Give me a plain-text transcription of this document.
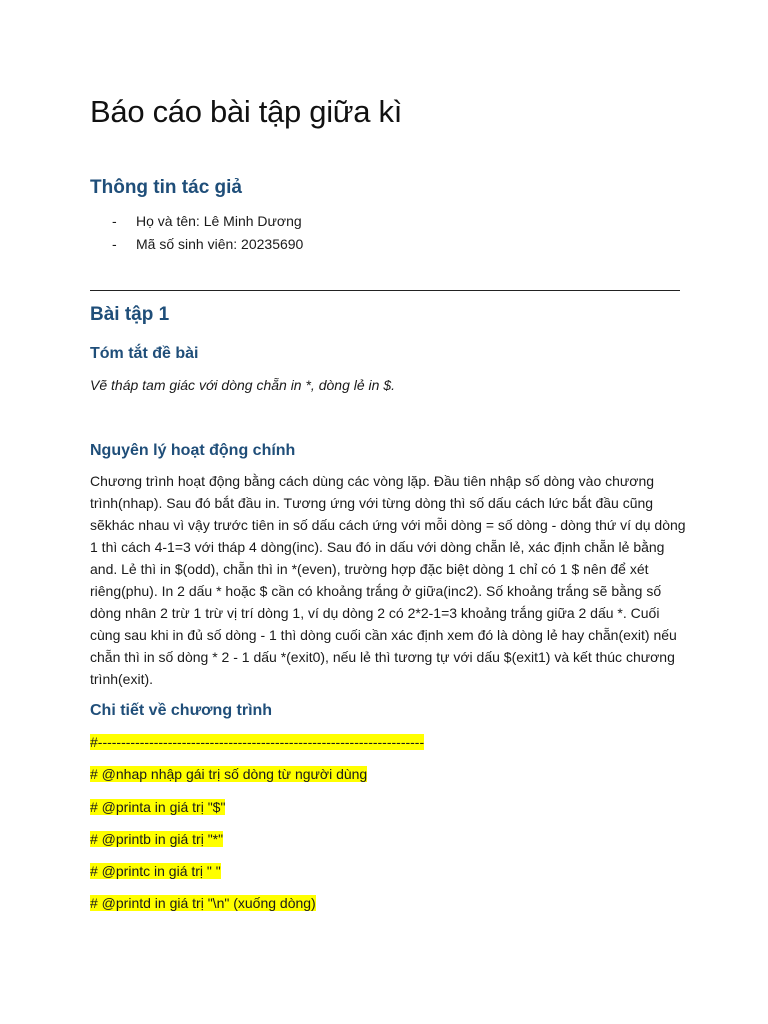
Báo cáo bài tập giữa kì
Thông tin tác giả
- Họ và tên: Lê Minh Dương
- Mã số sinh viên: 20235690
Bài tập 1
Tóm tắt đề bài

Vẽ tháp tam giác với dòng chẵn in *, dòng lẻ in $.

Nguyên lý hoạt động chính

Chương trình hoạt động bằng cách dùng các vòng lặp. Đầu tiên nhập số dòng vào chương trình(nhap). Sau đó bắt đầu in. Tương ứng với từng dòng thì số dấu cách lức bắt đầu cũng sẽkhác nhau vì vậy trước tiên in số dấu cách ứng với mỗi dòng = số dòng - dòng thứ ví dụ dòng 1 thì cách 4-1=3 với tháp 4 dòng(inc). Sau đó in dấu với dòng chẵn lẻ, xác định chẵn lẻ bằng and. Lẻ thì in $(odd), chẵn thì in *(even), trường hợp đặc biệt dòng 1 chỉ có 1 $ nên để xét riêng(phu). In 2 dấu * hoặc $ cần có khoảng trắng ở giữa(inc2). Số khoảng trắng sẽ bằng số dòng nhân 2 trừ 1 trừ vị trí dòng 1, ví dụ dòng 2 có 2*2-1=3 khoảng trắng giữa 2 dấu *. Cuối cùng sau khi in đủ số dòng - 1 thì dòng cuối cần xác định xem đó là dòng lẻ hay chẵn(exit) nếu chẵn thì in số dòng * 2 - 1 dấu *(exit0), nếu lẻ thì tương tự với dấu $(exit1) và kết thúc chương trình(exit).

Chi tiết về chương trình

#----------------------------------------------------------------------

# @nhap nhập gái trị số dòng từ người dùng

# @printa in giá trị "$"

# @printb in giá trị "*"

# @printc in giá trị " "

# @printd in giá trị "\n" (xuống dòng)
